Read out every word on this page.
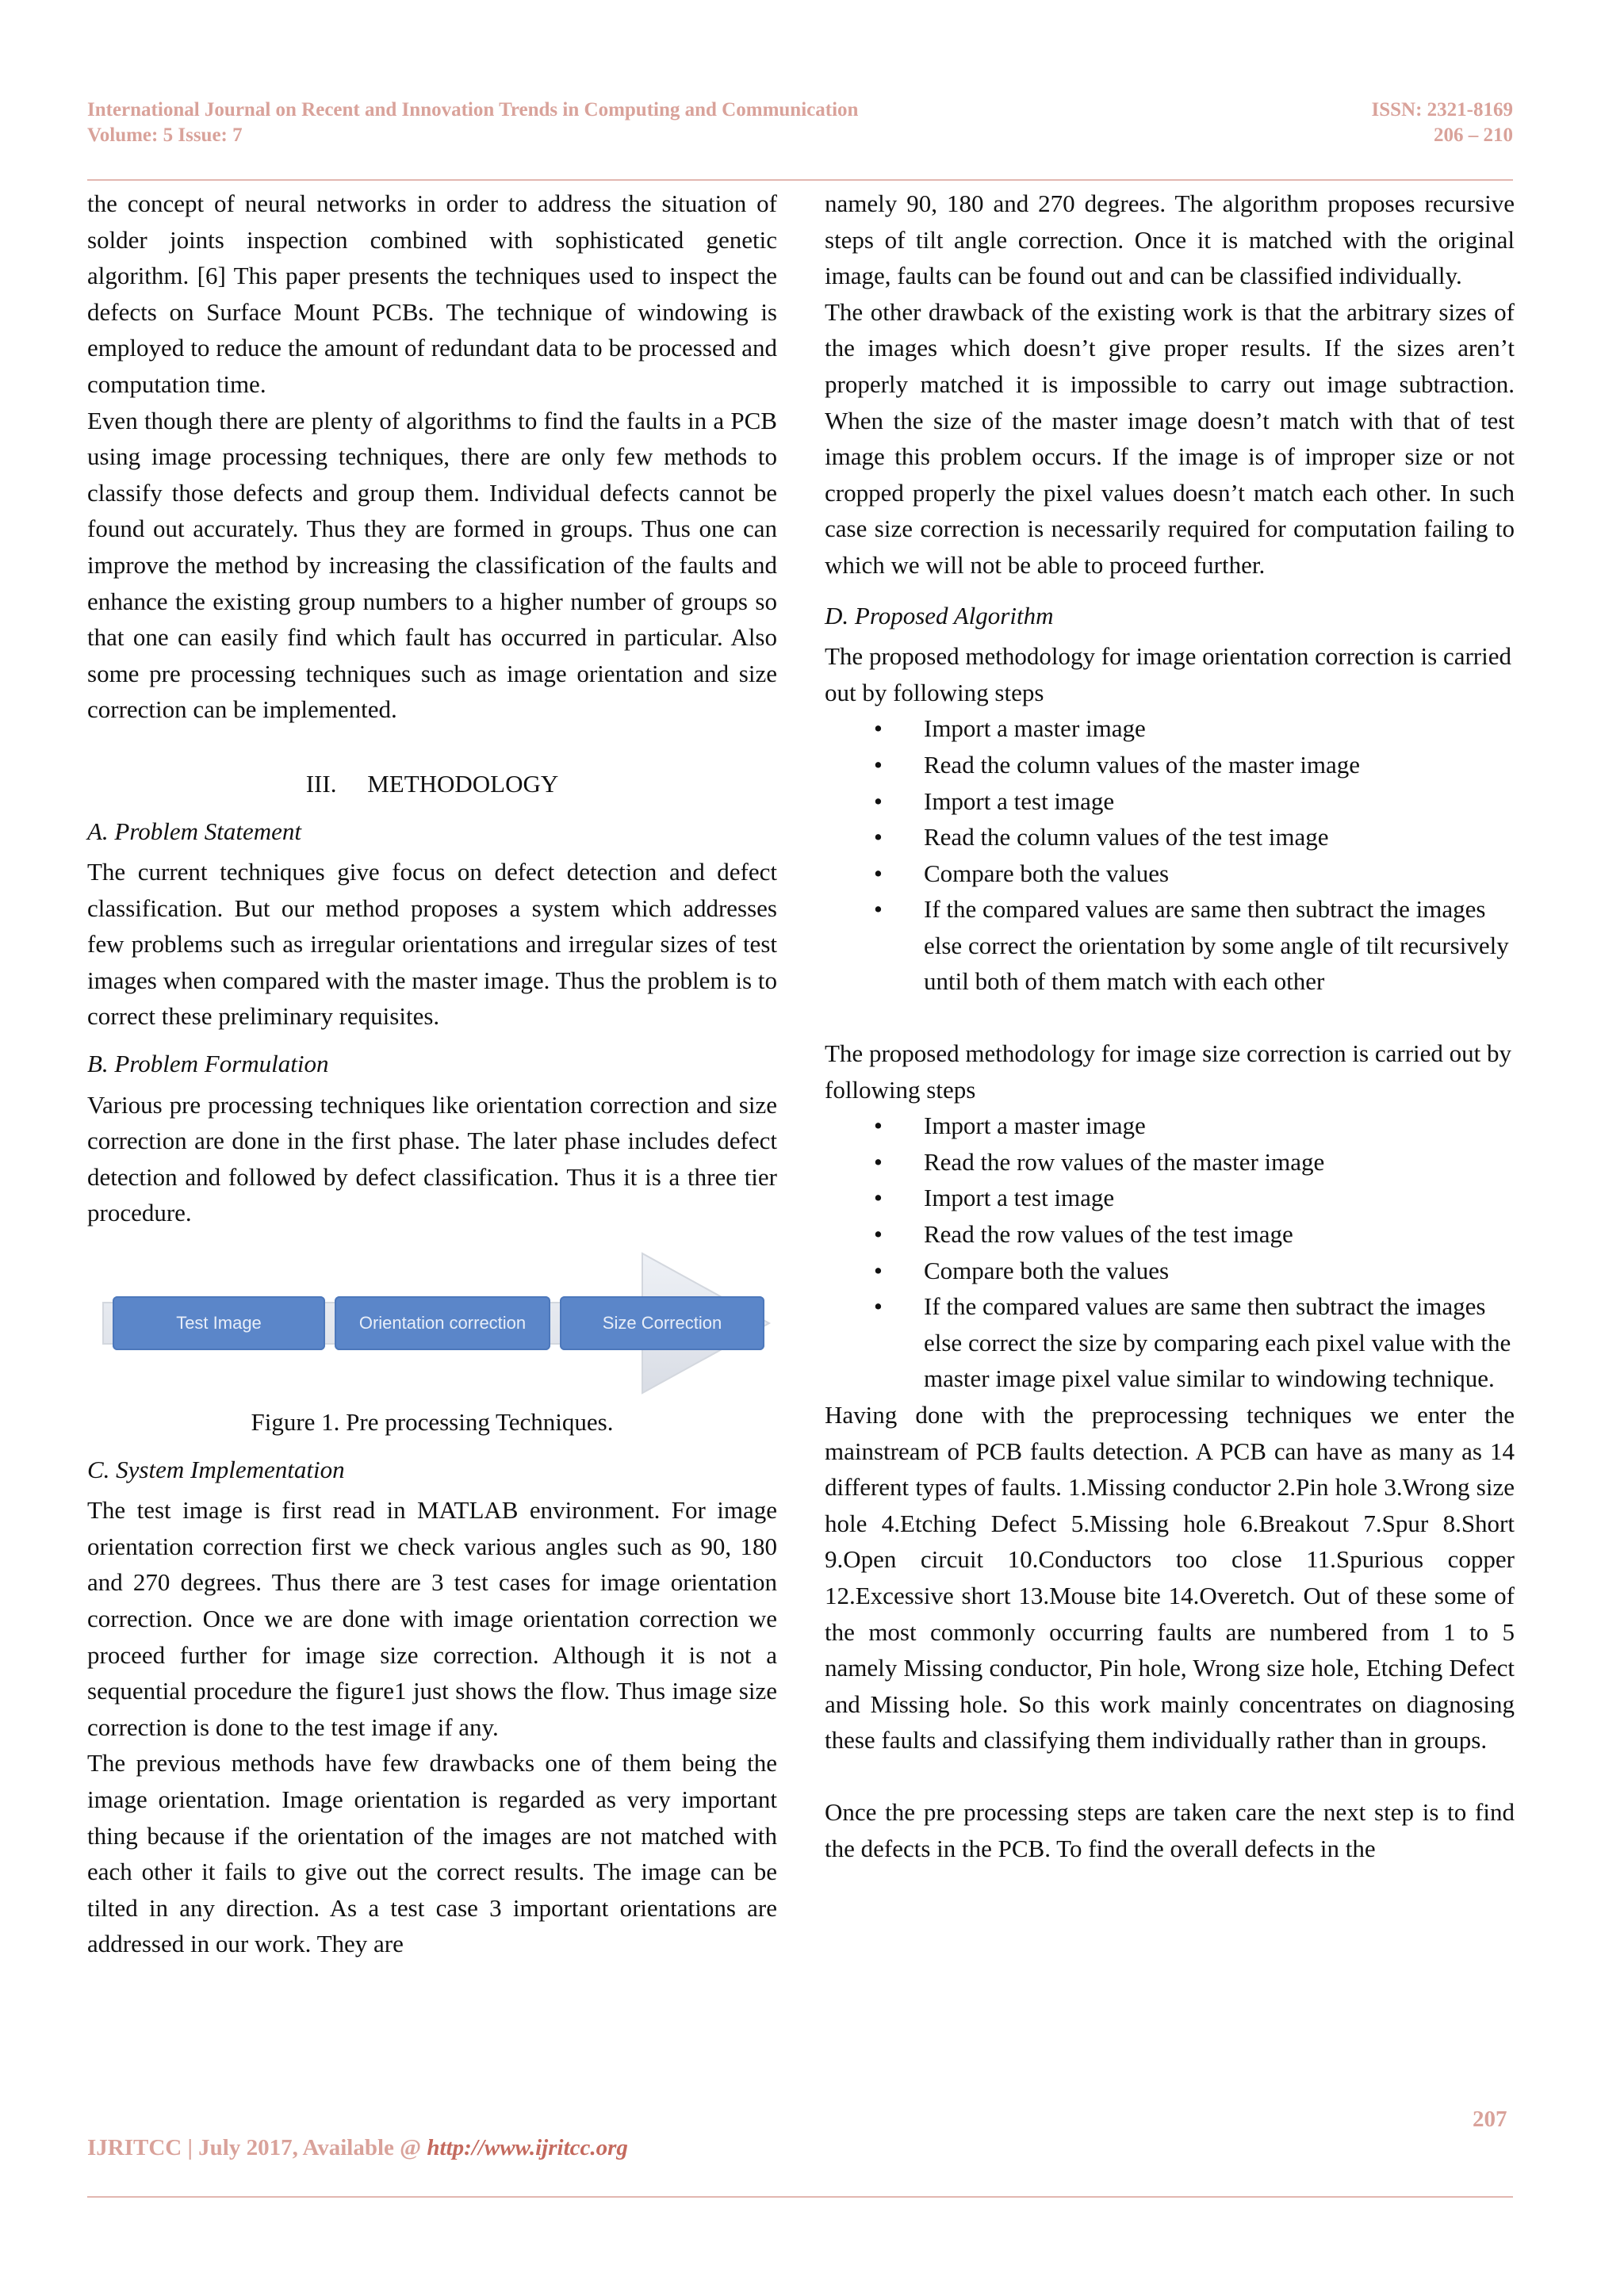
International Journal on Recent and Innovation Trends in Computing and Communication	ISSN: 2321-8169
Volume: 5 Issue: 7	206 – 210

the concept of neural networks in order to address the situation of solder joints inspection combined with sophisticated genetic algorithm. [6] This paper presents the techniques used to inspect the defects on Surface Mount PCBs. The technique of windowing is employed to reduce the amount of redundant data to be processed and computation time.

Even though there are plenty of algorithms to find the faults in a PCB using image processing techniques, there are only few methods to classify those defects and group them. Individual defects cannot be found out accurately. Thus they are formed in groups. Thus one can improve the method by increasing the classification of the faults and enhance the existing group numbers to a higher number of groups so that one can easily find which fault has occurred in particular. Also some pre processing techniques such as image orientation and size correction can be implemented.

III.     METHODOLOGY
A. Problem Statement

The current techniques give focus on defect detection and defect classification. But our method proposes a system which addresses few problems such as irregular orientations and irregular sizes of test images when compared with the master image. Thus the problem is to correct these preliminary requisites.

B. Problem Formulation

Various pre processing techniques like orientation correction and size correction are done in the first phase. The later phase includes defect detection and followed by defect classification. Thus it is a three tier procedure.

Test Image	Orientation correction	Size Correction
Figure 1. Pre processing Techniques.
C. System Implementation

The test image is first read in MATLAB environment. For image orientation correction first we check various angles such as 90, 180 and 270 degrees. Thus there are 3 test cases for image orientation correction. Once we are done with image orientation correction we proceed further for image size correction. Although it is not a sequential procedure the figure1 just shows the flow. Thus image size correction is done to the test image if any.

The previous methods have few drawbacks one of them being the image orientation. Image orientation is regarded as very important thing because if the orientation of the images are not matched with each other it fails to give out the correct results. The image can be tilted in any direction. As a test case 3 important orientations are addressed in our work. They are

namely 90, 180 and 270 degrees. The algorithm proposes recursive steps of tilt angle correction. Once it is matched with the original image, faults can be found out and can be classified individually.

The other drawback of the existing work is that the arbitrary sizes of the images which doesn’t give proper results. If the sizes aren’t properly matched it is impossible to carry out image subtraction. When the size of the master image doesn’t match with that of test image this problem occurs. If the image is of improper size or not cropped properly the pixel values doesn’t match each other. In such case size correction is necessarily required for computation failing to which we will not be able to proceed further.

D. Proposed Algorithm

The proposed methodology for image orientation correction is carried out by following steps

• Import a master image
• Read the column values of the master image
• Import a test image
• Read the column values of the test image
• Compare both the values
• If the compared values are same then subtract the images else correct the orientation by some angle of tilt recursively until both of them match with each other

The proposed methodology for image size correction is carried out by following steps

• Import a master image
• Read the row values of the master image
• Import a test image
• Read the row values of the test image
• Compare both the values
• If the compared values are same then subtract the images else correct the size by comparing each pixel value with the master image pixel value similar to windowing technique.

Having done with the preprocessing techniques we enter the mainstream of PCB faults detection. A PCB can have as many as 14 different types of faults. 1.Missing conductor 2.Pin hole 3.Wrong size hole 4.Etching Defect 5.Missing hole 6.Breakout 7.Spur 8.Short 9.Open circuit 10.Conductors too close 11.Spurious copper 12.Excessive short 13.Mouse bite 14.Overetch. Out of these some of the most commonly occurring faults are numbered from 1 to 5 namely Missing conductor, Pin hole, Wrong size hole, Etching Defect and Missing hole. So this work mainly concentrates on diagnosing these faults and classifying them individually rather than in groups.

Once the pre processing steps are taken care the next step is to find the defects in the PCB. To find the overall defects in the

207
IJRITCC | July 2017, Available @ http://www.ijritcc.org
